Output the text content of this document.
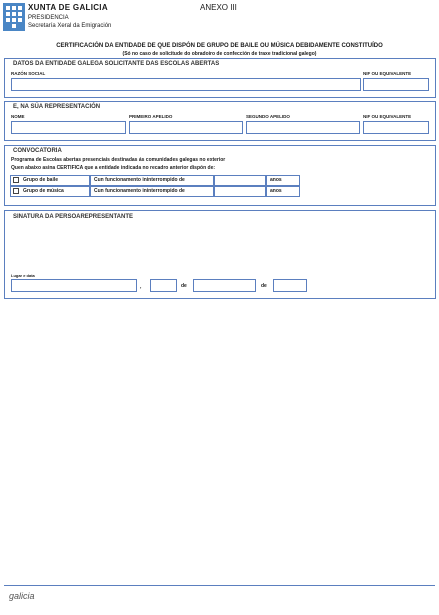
XUNTA DE GALICIA
PRESIDENCIA
Secretaría Xeral da Emigración
ANEXO III
CERTIFICACIÓN DA ENTIDADE DE QUE DISPÓN DE GRUPO DE BAILE OU MÚSICA DEBIDAMENTE CONSTITUÍDO
(Só no caso de solicitude do obradoiro de confección de traxe tradicional galego)
DATOS DA ENTIDADE GALEGA SOLICITANTE DAS ESCOLAS ABERTAS
RAZÓN SOCIAL	NIF OU EQUIVALENTE
E, NA SÚA REPRESENTACIÓN
NOME	PRIMEIRO APELIDO	SEGUNDO APELIDO	NIF OU EQUIVALENTE
CONVOCATORIA
Programa de Escolas abertas presenciais destinadas ás comunidades galegas no exterior
Quen abaixo asina CERTIFICA que a entidade indicada no recadro anterior dispón de:
Grupo de baile	Cun funcionamento ininterrompido de	anos
Grupo de música	Cun funcionamento ininterrompido de	anos
SINATURA DA PERSOAREPRESENTANTE
Lugar e data
,	de	de
galicia
